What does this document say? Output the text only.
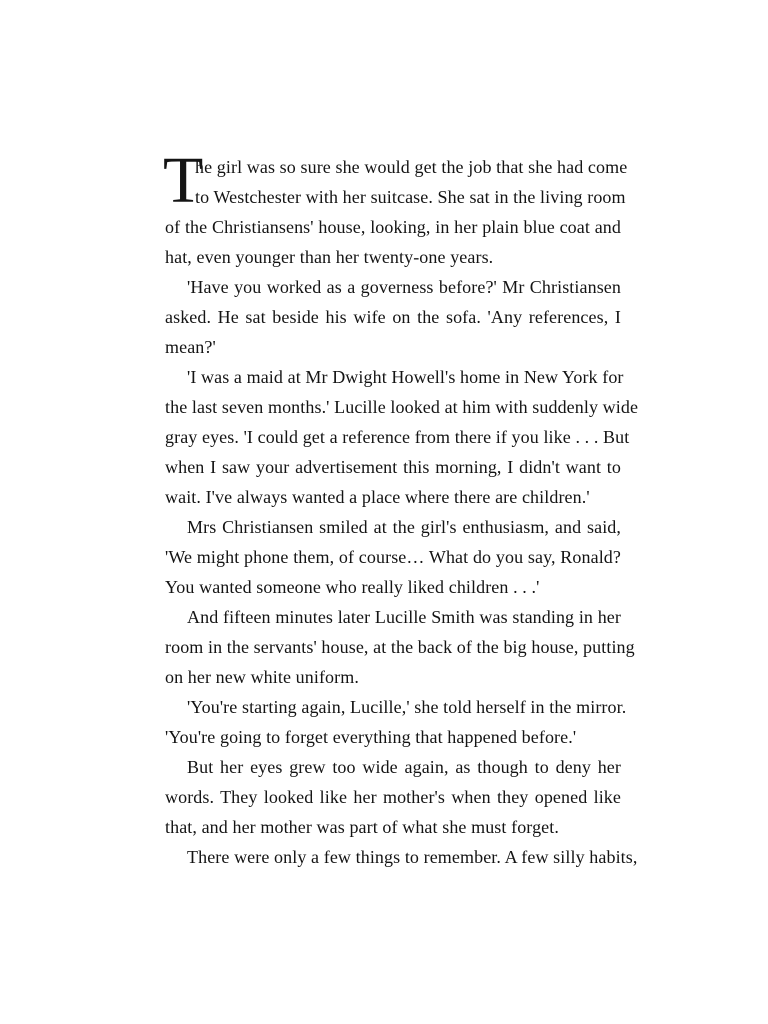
T
he girl was so sure she would get the job that she had come
to Westchester with her suitcase. She sat in the living room
of the Christiansens' house, looking, in her plain blue coat and
hat, even younger than her twenty-one years.
'Have you worked as a governess before?' Mr Christiansen
asked. He sat beside his wife on the sofa. 'Any references, I
mean?'
'I was a maid at Mr Dwight Howell's home in New York for
the last seven months.' Lucille looked at him with suddenly wide
gray eyes. 'I could get a reference from there if you like . . . But
when I saw your advertisement this morning, I didn't want to
wait. I've always wanted a place where there are children.'
Mrs Christiansen smiled at the girl's enthusiasm, and said,
'We might phone them, of course… What do you say, Ronald?
You wanted someone who really liked children . . .'
And fifteen minutes later Lucille Smith was standing in her
room in the servants' house, at the back of the big house, putting
on her new white uniform.
'You're starting again, Lucille,' she told herself in the mirror.
'You're going to forget everything that happened before.'
But her eyes grew too wide again, as though to deny her
words. They looked like her mother's when they opened like
that, and her mother was part of what she must forget.
There were only a few things to remember. A few silly habits,
